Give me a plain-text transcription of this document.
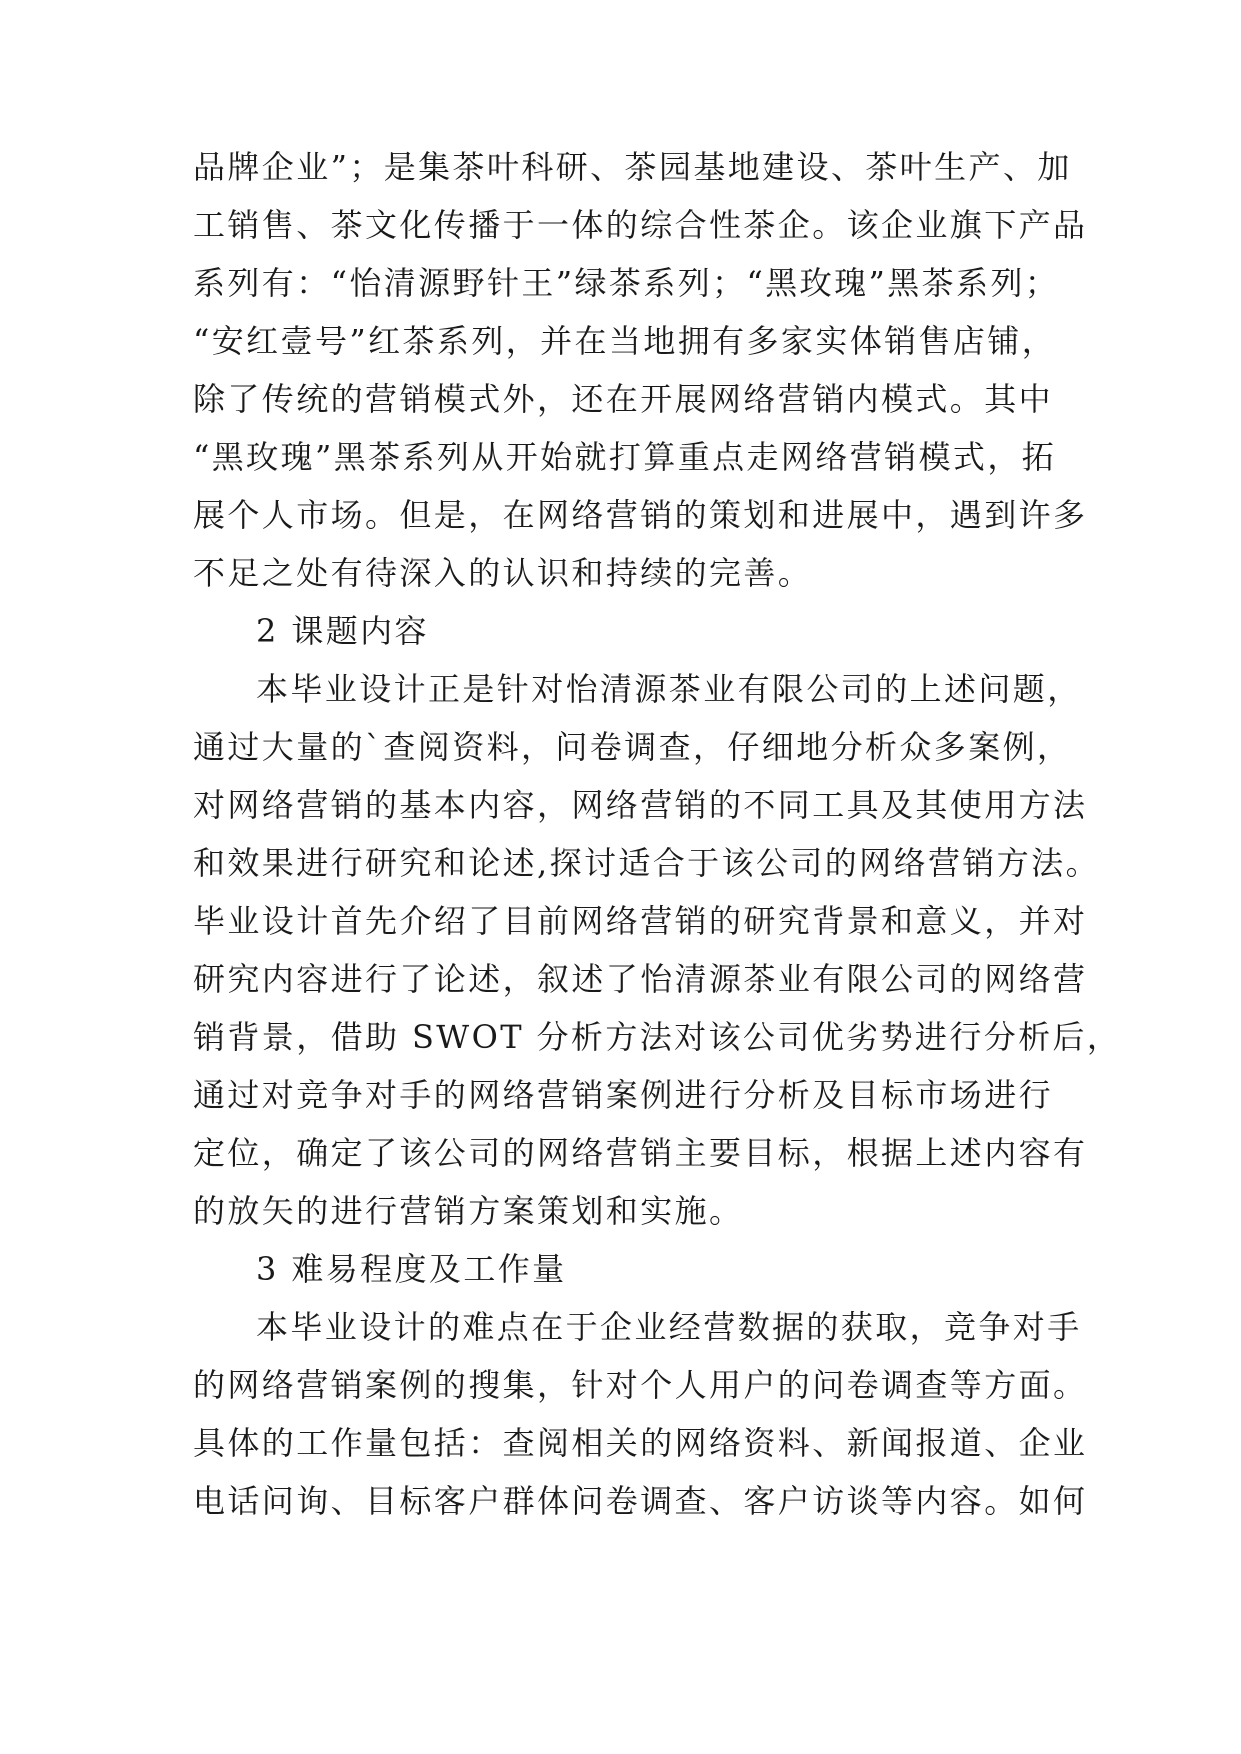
品牌企业”；是集茶叶科研、茶园基地建设、茶叶生产、加
工销售、茶文化传播于一体的综合性茶企。该企业旗下产品
系列有：“怡清源野针王”绿茶系列；“黑玫瑰”黑茶系列；
“安红壹号”红茶系列，并在当地拥有多家实体销售店铺，
除了传统的营销模式外，还在开展网络营销内模式。其中
“黑玫瑰”黑茶系列从开始就打算重点走网络营销模式，拓
展个人市场。但是，在网络营销的策划和进展中，遇到许多
不足之处有待深入的认识和持续的完善。
2 课题内容
本毕业设计正是针对怡清源茶业有限公司的上述问题，
通过大量的`查阅资料，问卷调查，仔细地分析众多案例，
对网络营销的基本内容，网络营销的不同工具及其使用方法
和效果进行研究和论述,探讨适合于该公司的网络营销方法。
毕业设计首先介绍了目前网络营销的研究背景和意义，并对
研究内容进行了论述，叙述了怡清源茶业有限公司的网络营
销背景，借助 SWOT 分析方法对该公司优劣势进行分析后，
通过对竞争对手的网络营销案例进行分析及目标市场进行
定位，确定了该公司的网络营销主要目标，根据上述内容有
的放矢的进行营销方案策划和实施。
3 难易程度及工作量
本毕业设计的难点在于企业经营数据的获取，竞争对手
的网络营销案例的搜集，针对个人用户的问卷调查等方面。
具体的工作量包括：查阅相关的网络资料、新闻报道、企业
电话问询、目标客户群体问卷调查、客户访谈等内容。如何
